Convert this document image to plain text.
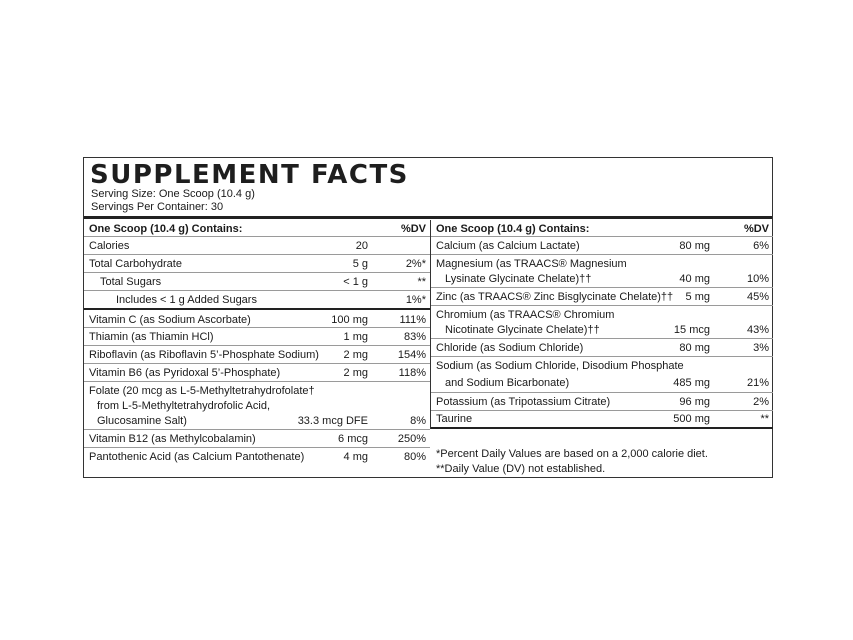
SUPPLEMENT FACTS
Serving Size: One Scoop (10.4 g)
Servings Per Container: 30
One Scoop (10.4 g) Contains:	%DV
Calories	20
Total Carbohydrate	5 g	2%*
Total Sugars	< 1 g	**
Includes < 1 g Added Sugars	1%*
Vitamin C (as Sodium Ascorbate)	100 mg	111%
Thiamin (as Thiamin HCl)	1 mg	83%
Riboflavin (as Riboflavin 5’-Phosphate Sodium) 2 mg	154%
Vitamin B6 (as Pyridoxal 5’-Phosphate)	2 mg	118%
Folate (20 mcg as L-5-Methyltetrahydrofolate†
from L-5-Methyltetrahydrofolic Acid,
Glucosamine Salt)	33.3 mcg DFE	8%
Vitamin B12 (as Methylcobalamin)	6 mcg	250%
Pantothenic Acid (as Calcium Pantothenate)	4 mg	80%
One Scoop (10.4 g) Contains:	%DV
Calcium (as Calcium Lactate)	80 mg	6%
Magnesium (as TRAACS® Magnesium
Lysinate Glycinate Chelate)††	40 mg	10%
Zinc (as TRAACS® Zinc Bisglycinate Chelate)†† 5 mg	45%
Chromium (as TRAACS® Chromium
Nicotinate Glycinate Chelate)††	15 mcg	43%
Chloride (as Sodium Chloride)	80 mg	3%
Sodium (as Sodium Chloride, Disodium Phosphate
and Sodium Bicarbonate)	485 mg	21%
Potassium (as Tripotassium Citrate)	96 mg	2%
Taurine	500 mg	**
*Percent Daily Values are based on a 2,000 calorie diet.
**Daily Value (DV) not established.
